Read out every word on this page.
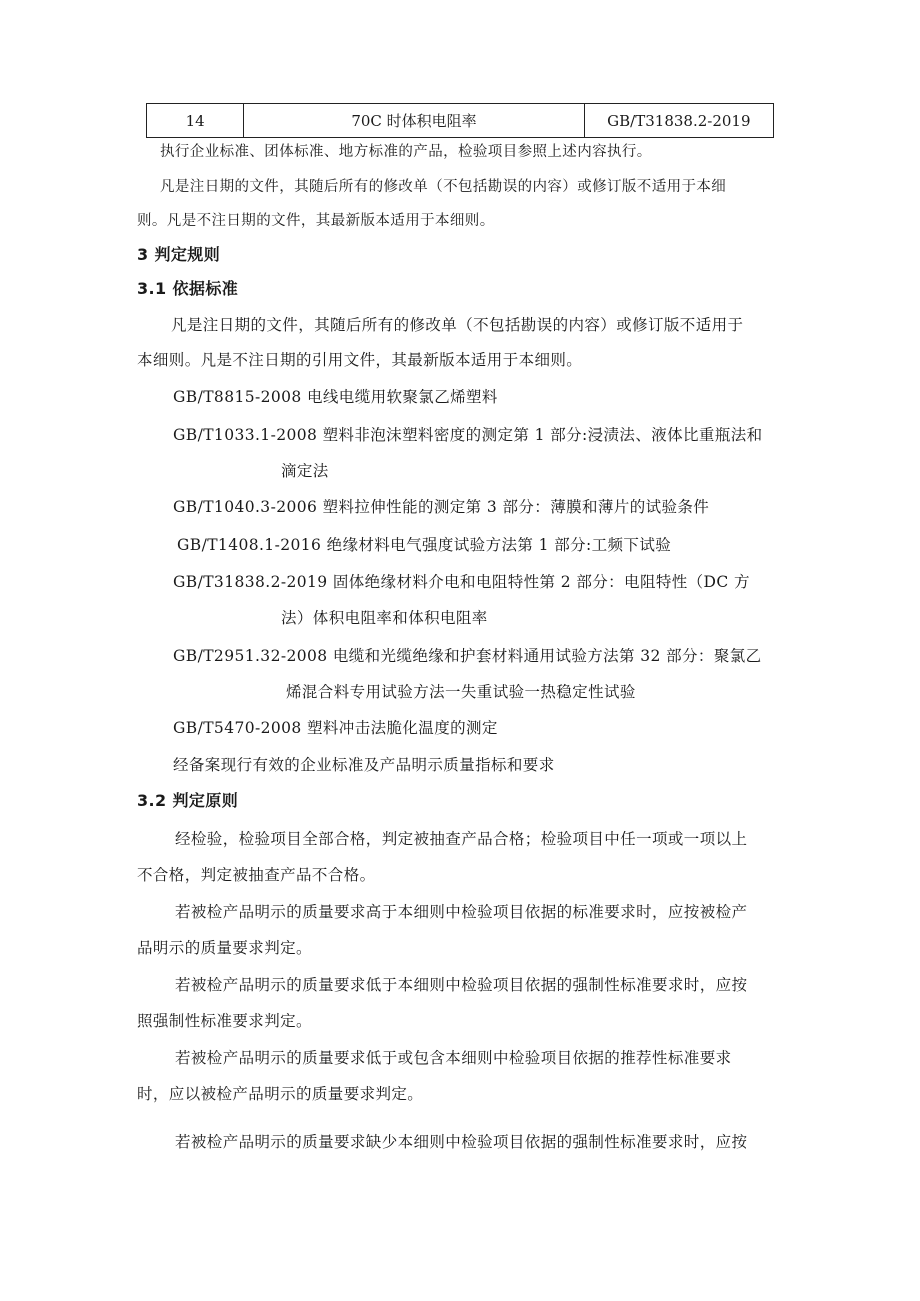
14	70C 时体积电阻率	GB/T31838.2-2019
执行企业标准、团体标准、地方标准的产品，检验项目参照上述内容执行。
凡是注日期的文件，其随后所有的修改单（不包括勘误的内容）或修订版不适用于本细
则。凡是不注日期的文件，其最新版本适用于本细则。
3 判定规则
3.1 依据标准
凡是注日期的文件，其随后所有的修改单（不包括勘误的内容）或修订版不适用于
本细则。凡是不注日期的引用文件，其最新版本适用于本细则。
GB/T8815-2008 电线电缆用软聚氯乙烯塑料
GB/T1033.1-2008 塑料非泡沫塑料密度的测定第 1 部分:浸渍法、液体比重瓶法和
滴定法
GB/T1040.3-2006 塑料拉伸性能的测定第 3 部分：薄膜和薄片的试验条件
GB/T1408.1-2016 绝缘材料电气强度试验方法第 1 部分:工频下试验
GB/T31838.2-2019 固体绝缘材料介电和电阻特性第 2 部分：电阻特性（DC 方
法）体积电阻率和体积电阻率
GB/T2951.32-2008 电缆和光缆绝缘和护套材料通用试验方法第 32 部分：聚氯乙
烯混合料专用试验方法一失重试验一热稳定性试验
GB/T5470-2008 塑料冲击法脆化温度的测定
经备案现行有效的企业标准及产品明示质量指标和要求
3.2 判定原则
经检验，检验项目全部合格，判定被抽查产品合格；检验项目中任一项或一项以上
不合格，判定被抽查产品不合格。
若被检产品明示的质量要求高于本细则中检验项目依据的标准要求时，应按被检产
品明示的质量要求判定。
若被检产品明示的质量要求低于本细则中检验项目依据的强制性标准要求时，应按
照强制性标准要求判定。
若被检产品明示的质量要求低于或包含本细则中检验项目依据的推荐性标准要求
时，应以被检产品明示的质量要求判定。
若被检产品明示的质量要求缺少本细则中检验项目依据的强制性标准要求时，应按
